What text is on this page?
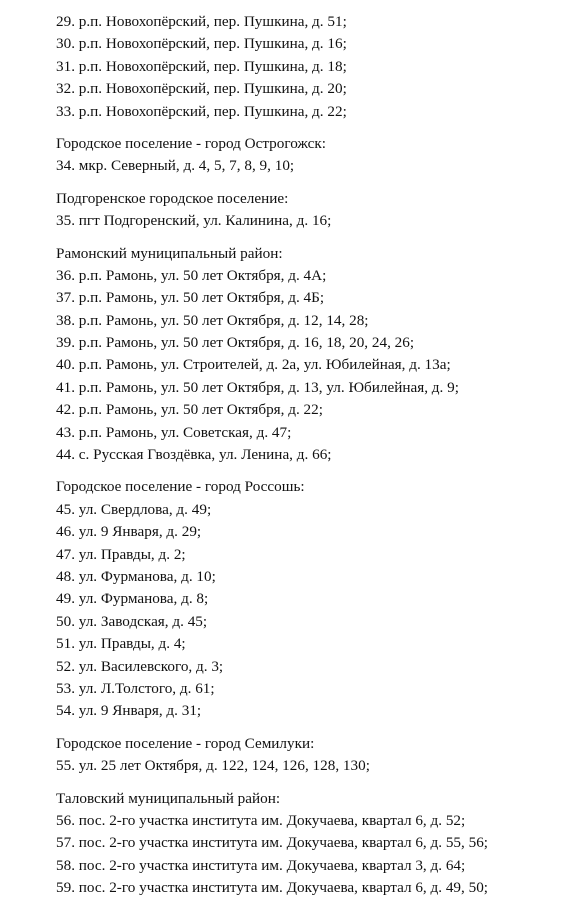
29. р.п. Новохопёрский, пер. Пушкина, д. 51;
30. р.п. Новохопёрский, пер. Пушкина, д. 16;
31. р.п. Новохопёрский, пер. Пушкина, д. 18;
32. р.п. Новохопёрский, пер. Пушкина, д. 20;
33. р.п. Новохопёрский, пер. Пушкина, д. 22;
Городское поселение - город Острогожск:
34. мкр. Северный, д. 4, 5, 7, 8, 9, 10;
Подгоренское городское поселение:
35. пгт Подгоренский, ул. Калинина, д. 16;
Рамонский муниципальный район:
36. р.п. Рамонь, ул. 50 лет Октября, д. 4А;
37. р.п. Рамонь, ул. 50 лет Октября, д. 4Б;
38. р.п. Рамонь, ул. 50 лет Октября, д. 12, 14, 28;
39. р.п. Рамонь, ул. 50 лет Октября, д. 16, 18, 20, 24, 26;
40. р.п. Рамонь, ул. Строителей, д. 2а, ул. Юбилейная, д. 13а;
41. р.п. Рамонь, ул. 50 лет Октября, д. 13, ул. Юбилейная, д. 9;
42. р.п. Рамонь, ул. 50 лет Октября, д. 22;
43. р.п. Рамонь, ул. Советская, д. 47;
44. с. Русская Гвоздёвка, ул. Ленина, д. 66;
Городское поселение - город Россошь:
45. ул. Свердлова, д. 49;
46. ул. 9 Января, д. 29;
47. ул. Правды, д. 2;
48. ул. Фурманова, д. 10;
49. ул. Фурманова, д. 8;
50. ул. Заводская, д. 45;
51. ул. Правды, д. 4;
52. ул. Василевского, д. 3;
53. ул. Л.Толстого, д. 61;
54. ул. 9 Января, д. 31;
Городское поселение - город Семилуки:
55. ул. 25 лет Октября, д. 122, 124, 126, 128, 130;
Таловский муниципальный район:
56. пос. 2-го участка института им. Докучаева, квартал 6, д. 52;
57. пос. 2-го участка института им. Докучаева, квартал 6, д. 55, 56;
58. пос. 2-го участка института им. Докучаева, квартал 3, д. 64;
59. пос. 2-го участка института им. Докучаева, квартал 6, д. 49, 50;
